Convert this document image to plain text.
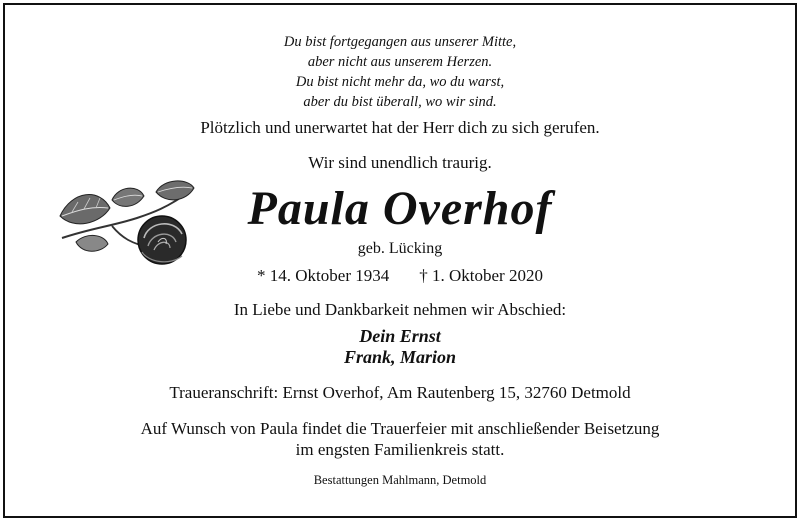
Du bist fortgegangen aus unserer Mitte,
aber nicht aus unserem Herzen.
Du bist nicht mehr da, wo du warst,
aber du bist überall, wo wir sind.
Plötzlich und unerwartet hat der Herr dich zu sich gerufen.
Wir sind unendlich traurig.
Paula Overhof
geb. Lücking
* 14. Oktober 1934 † 1. Oktober 2020
In Liebe und Dankbarkeit nehmen wir Abschied:
Dein Ernst
Frank, Marion
Traueranschrift: Ernst Overhof, Am Rautenberg 15, 32760 Detmold
Auf Wunsch von Paula findet die Trauerfeier mit anschließender Beisetzung
im engsten Familienkreis statt.
Bestattungen Mahlmann, Detmold
